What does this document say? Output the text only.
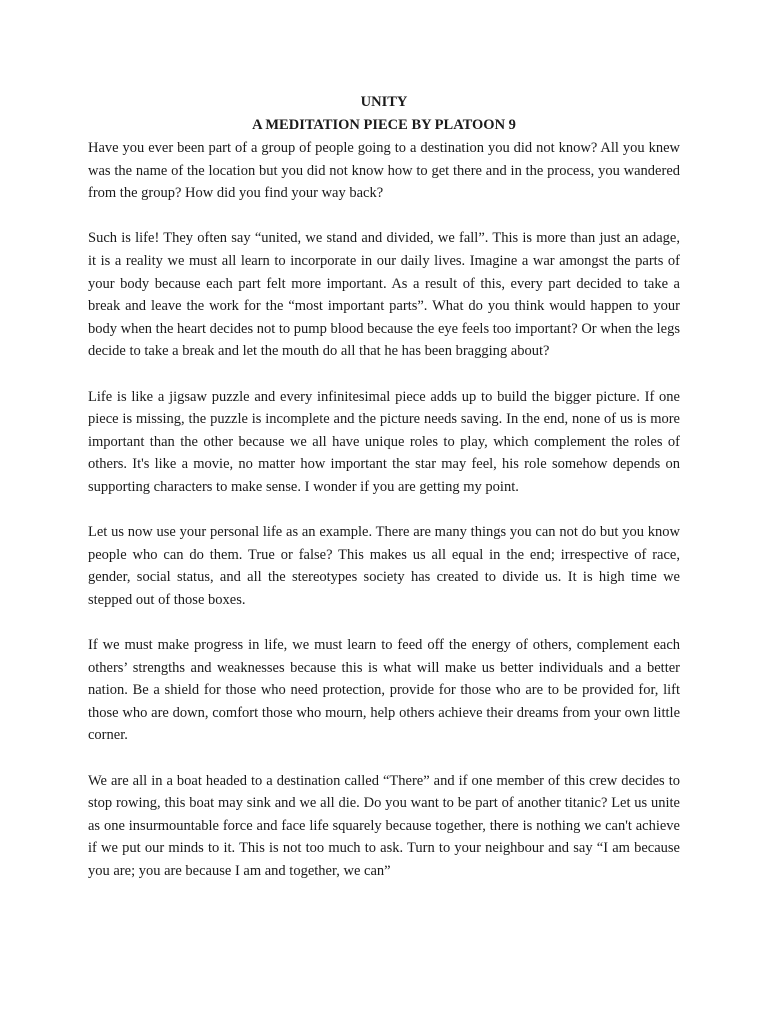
UNITY

A MEDITATION PIECE BY PLATOON 9

Have you ever been part of a group of people going to a destination you did not know? All you knew was the name of the location but you did not know how to get there and in the process, you wandered from the group? How did you find your way back?

Such is life! They often say “united, we stand and divided, we fall”. This is more than just an adage, it is a reality we must all learn to incorporate in our daily lives. Imagine a war amongst the parts of your body because each part felt more important. As a result of this, every part decided to take a break and leave the work for the “most important parts”. What do you think would happen to your body when the heart decides not to pump blood because the eye feels too important? Or when the legs decide to take a break and let the mouth do all that he has been bragging about?

Life is like a jigsaw puzzle and every infinitesimal piece adds up to build the bigger picture. If one piece is missing, the puzzle is incomplete and the picture needs saving. In the end, none of us is more important than the other because we all have unique roles to play, which complement the roles of others. It's like a movie, no matter how important the star may feel, his role somehow depends on supporting characters to make sense. I wonder if you are getting my point.

Let us now use your personal life as an example. There are many things you can not do but you know people who can do them. True or false? This makes us all equal in the end; irrespective of race, gender, social status, and all the stereotypes society has created to divide us. It is high time we stepped out of those boxes.

If we must make progress in life, we must learn to feed off the energy of others, complement each others’ strengths and weaknesses because this is what will make us better individuals and a better nation. Be a shield for those who need protection, provide for those who are to be provided for, lift those who are down, comfort those who mourn, help others achieve their dreams from your own little corner.

We are all in a boat headed to a destination called “There” and if one member of this crew decides to stop rowing, this boat may sink and we all die. Do you want to be part of another titanic? Let us unite as one insurmountable force and face life squarely because together, there is nothing we can't achieve if we put our minds to it. This is not too much to ask. Turn to your neighbour and say “I am because you are; you are because I am and together, we can”
